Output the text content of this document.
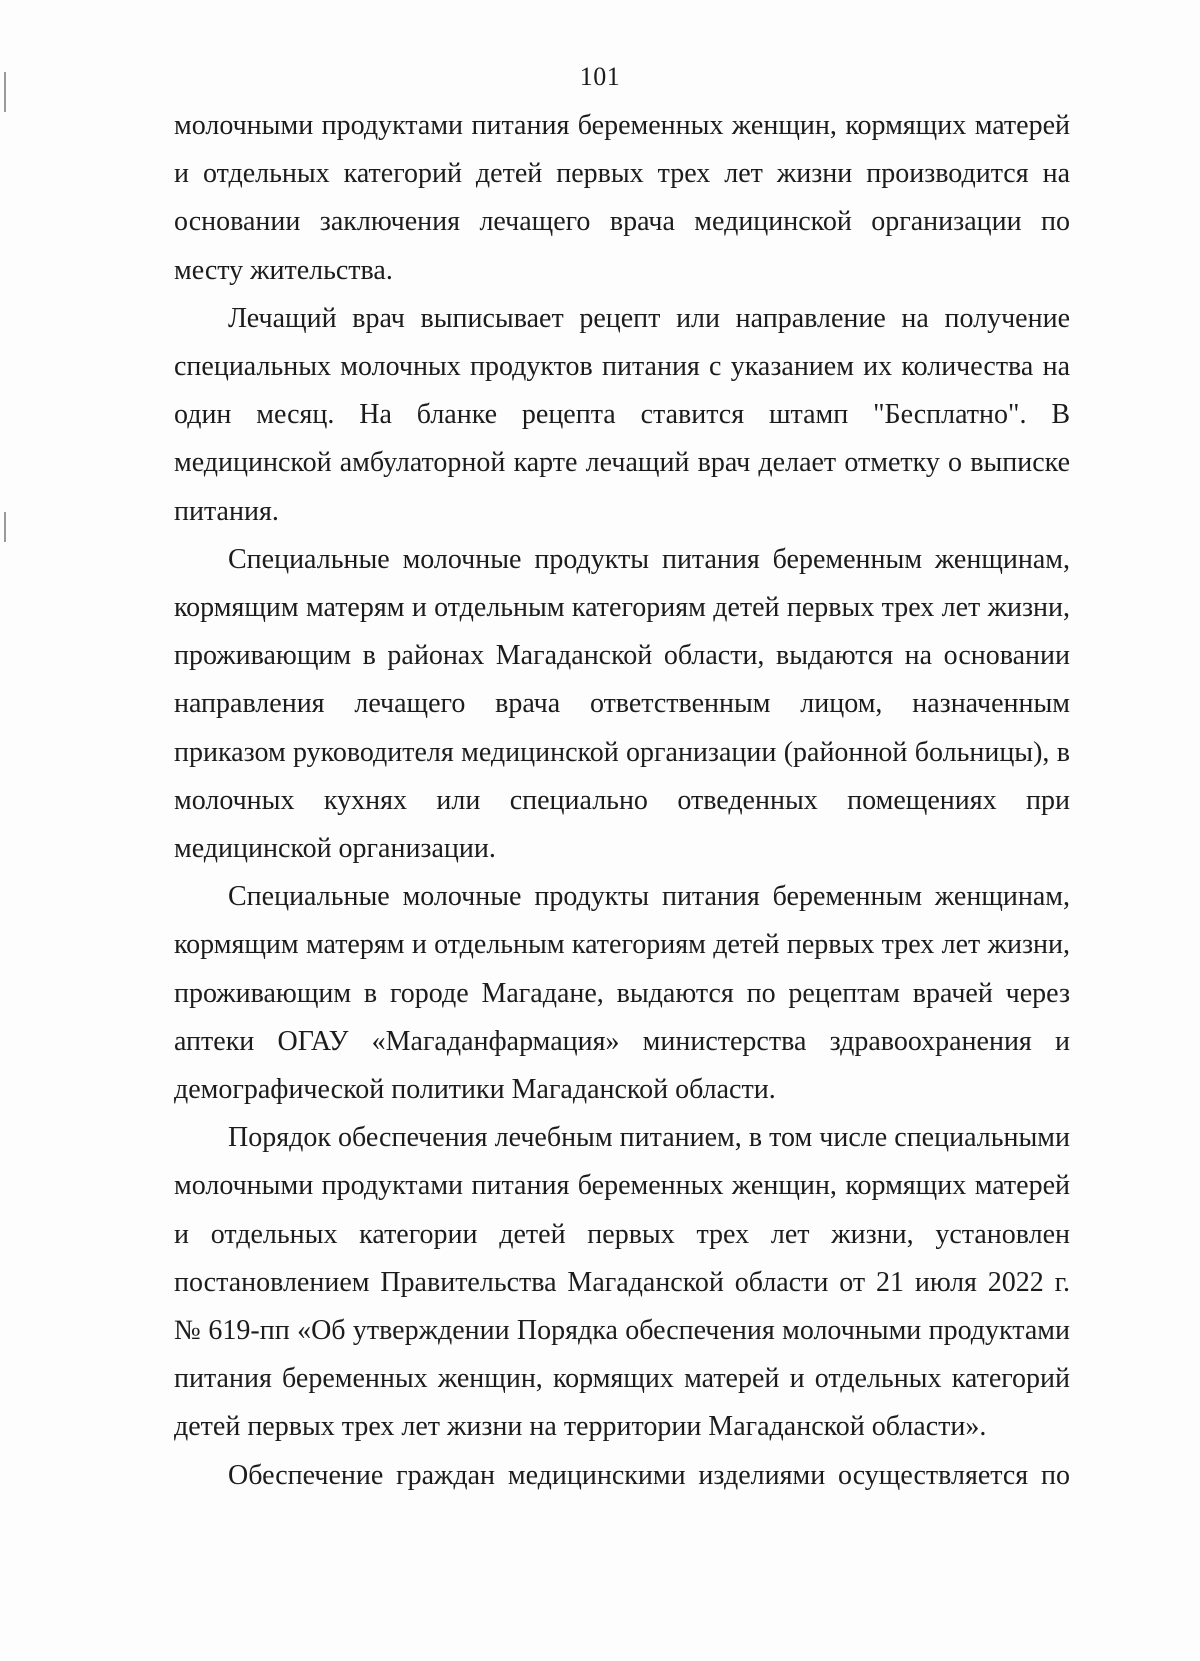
101

молочными продуктами питания беременных женщин, кормящих матерей и отдельных категорий детей первых трех лет жизни производится на основании заключения лечащего врача медицинской организации по месту жительства.

Лечащий врач выписывает рецепт или направление на получение специальных молочных продуктов питания с указанием их количества на один месяц. На бланке рецепта ставится штамп "Бесплатно". В медицинской амбулаторной карте лечащий врач делает отметку о выписке питания.

Специальные молочные продукты питания беременным женщинам, кормящим матерям и отдельным категориям детей первых трех лет жизни, проживающим в районах Магаданской области, выдаются на основании направления лечащего врача ответственным лицом, назначенным приказом руководителя медицинской организации (районной больницы), в молочных кухнях или специально отведенных помещениях при медицинской организации.

Специальные молочные продукты питания беременным женщинам, кормящим матерям и отдельным категориям детей первых трех лет жизни, проживающим в городе Магадане, выдаются по рецептам врачей через аптеки ОГАУ «Магаданфармация» министерства здравоохранения и демографической политики Магаданской области.

Порядок обеспечения лечебным питанием, в том числе специальными молочными продуктами питания беременных женщин, кормящих матерей и отдельных категории детей первых трех лет жизни, установлен постановлением Правительства Магаданской области от 21 июля 2022 г. № 619-пп «Об утверждении Порядка обеспечения молочными продуктами питания беременных женщин, кормящих матерей и отдельных категорий детей первых трех лет жизни на территории Магаданской области».

Обеспечение граждан медицинскими изделиями осуществляется по
